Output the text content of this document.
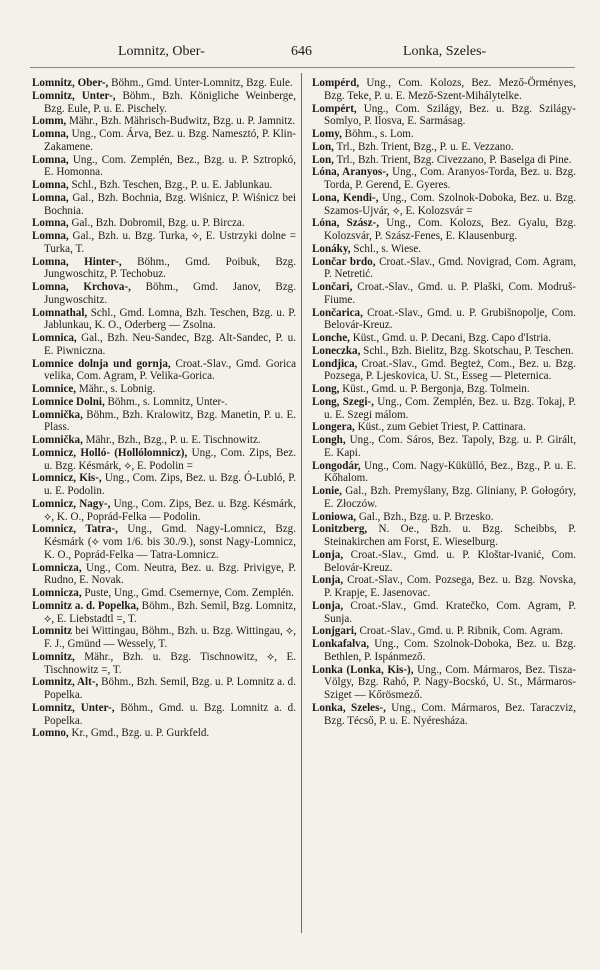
Lomnitz, Ober-	646	Lonka, Szeles-

Lomnitz, Ober-, Böhm., Gmd. Unter-Lomnitz, Bzg. Eule.

Lomnitz, Unter-, Böhm., Bzh. Königliche Weinberge, Bzg. Eule, P. u. E. Pischely.

Lomm, Mähr., Bzh. Mährisch-Budwitz, Bzg. u. P. Jamnitz.

Lomna, Ung., Com. Árva, Bez. u. Bzg. Namesztó, P. Klin-Zakamene.

Lomna, Ung., Com. Zemplén, Bez., Bzg. u. P. Sztropkó, E. Homonna.

Lomna, Schl., Bzh. Teschen, Bzg., P. u. E. Jablunkau.

Lomna, Gal., Bzh. Bochnia, Bzg. Wiśnicz, P. Wiśnicz bei Bochnia.

Lomna, Gal., Bzh. Dobromil, Bzg. u. P. Bircza.

Lomna, Gal., Bzh. u. Bzg. Turka, ⟡, E. Ustrzyki dolne = Turka, T.

Lomna, Hinter-, Böhm., Gmd. Poibuk, Bzg. Jungwoschitz, P. Techobuz.

Lomna, Krchova-, Böhm., Gmd. Janov, Bzg. Jungwoschitz.

Lomnathal, Schl., Gmd. Lomna, Bzh. Teschen, Bzg. u. P. Jablunkau, K. O., Oderberg — Zsolna.

Lomnica, Gal., Bzh. Neu-Sandec, Bzg. Alt-Sandec, P. u. E. Piwniczna.

Lomnice dolnja und gornja, Croat.-Slav., Gmd. Gorica velika, Com. Agram, P. Velika-Gorica.

Lomnice, Mähr., s. Lobnig.

Lomnice Dolni, Böhm., s. Lomnitz, Unter-.

Lomnička, Böhm., Bzh. Kralowitz, Bzg. Manetin, P. u. E. Plass.

Lomnička, Mähr., Bzh., Bzg., P. u. E. Tischnowitz.

Lomnicz, Holló- (Hollólomnicz), Ung., Com. Zips, Bez. u. Bzg. Késmárk, ⟡, E. Podolin =

Lomnicz, Kis-, Ung., Com. Zips, Bez. u. Bzg. Ó-Lubló, P. u. E. Podolin.

Lomnicz, Nagy-, Ung., Com. Zips, Bez. u. Bzg. Késmárk, ⟡, K. O., Poprád-Felka — Podolin.

Lomnicz, Tatra-, Ung., Gmd. Nagy-Lomnicz, Bzg. Késmárk (⟡ vom 1/6. bis 30./9.), sonst Nagy-Lomnicz, K. O., Poprád-Felka — Tatra-Lomnicz.

Lomniсza, Ung., Com. Neutra, Bez. u. Bzg. Privigye, P. Rudno, E. Novak.

Lomnicza, Puste, Ung., Gmd. Csemernye, Com. Zemplén.

Lomnitz a. d. Popelka, Böhm., Bzh. Semil, Bzg. Lomnitz, ⟡, E. Liebstadtl =, T.

Lomnitz bei Wittingau, Böhm., Bzh. u. Bzg. Wittingau, ⟡, F. J., Gmünd — Wessely, T.

Lomnitz, Mähr., Bzh. u. Bzg. Tischnowitz, ⟡, E. Tischnowitz =, T.

Lomnitz, Alt-, Böhm., Bzh. Semil, Bzg. u. P. Lomnitz a. d. Popelka.

Lomnitz, Unter-, Böhm., Gmd. u. Bzg. Lomnitz a. d. Popelka.

Lomno, Kr., Gmd., Bzg. u. P. Gurkfeld.

Lompérd, Ung., Com. Kolozs, Bez. Mező-Örményes, Bzg. Teke, P. u. E. Mező-Szent-Mihálytelke.

Lompért, Ung., Com. Szilágy, Bez. u. Bzg. Szilágy-Somlyo, P. Ilosva, E. Sarmásag.

Lomy, Böhm., s. Lom.

Lon, Trl., Bzh. Trient, Bzg., P. u. E. Vezzano.

Lon, Trl., Bzh. Trient, Bzg. Civezzano, P. Baselga di Pine.

Lóna, Aranyos-, Ung., Com. Aranyos-Torda, Bez. u. Bzg. Torda, P. Gerend, E. Gyeres.

Lona, Kendi-, Ung., Com. Szolnok-Doboka, Bez. u. Bzg. Szamos-Ujvár, ⟡, E. Kolozsvár =

Lóna, Szász-, Ung., Com. Kolozs, Bez. Gyalu, Bzg. Kolozsvár, P. Szász-Fenes, E. Klausenburg.

Lonáky, Schl., s. Wiese.

Lončar brdo, Croat.-Slav., Gmd. Novigrad, Com. Agram, P. Netretić.

Lončari, Croat.-Slav., Gmd. u. P. Plaški, Com. Modruš-Fiume.

Lončarica, Croat.-Slav., Gmd. u. P. Grubišnopolje, Com. Belovár-Kreuz.

Lonche, Küst., Gmd. u. P. Decani, Bzg. Capo d'Istria.

Loneczka, Schl., Bzh. Bielitz, Bzg. Skotschau, P. Teschen.

Londjica, Croat.-Slav., Gmd. Begteż, Com., Bez. u. Bzg. Pozsega, P. Ljeskovica, U. St., Esseg — Pleternica.

Long, Küst., Gmd. u. P. Bergonja, Bzg. Tolmein.

Long, Szegi-, Ung., Com. Zemplén, Bez. u. Bzg. Tokaj, P. u. E. Szegi málom.

Longera, Küst., zum Gebiet Triest, P. Cattinara.

Longh, Ung., Com. Sáros, Bez. Tapoly, Bzg. u. P. Girált, E. Kapi.

Longodár, Ung., Com. Nagy-Kükülló, Bez., Bzg., P. u. E. Kőhalom.

Lonie, Gal., Bzh. Premyślany, Bzg. Gliniany, P. Gołogóry, E. Złoczów.

Loniowa, Gal., Bzh., Bzg. u. P. Brzesko.

Lonitzberg, N. Oe., Bzh. u. Bzg. Scheibbs, P. Steinakirchen am Forst, E. Wieselburg.

Lonja, Croat.-Slav., Gmd. u. P. Kloštar-Ivanić, Com. Belovár-Kreuz.

Lonja, Croat.-Slav., Com. Pozsega, Bez. u. Bzg. Novska, P. Krapje, E. Jasenovac.

Lonja, Croat.-Slav., Gmd. Kratečko, Com. Agram, P. Sunja.

Lonjgari, Croat.-Slav., Gmd. u. P. Ribnik, Com. Agram.

Lonkafalva, Ung., Com. Szolnok-Doboka, Bez. u. Bzg. Bethlen, P. Ispánmező.

Lonka (Lonka, Kis-), Ung., Com. Mármaros, Bez. Tisza-Völgy, Bzg. Rahó, P. Nagy-Bocskó, U. St., Mármaros-Sziget — Kőrösmező.

Lonka, Szeles-, Ung., Com. Mármaros, Bez. Taraczviz, Bzg. Técső, P. u. E. Nyéresháza.
